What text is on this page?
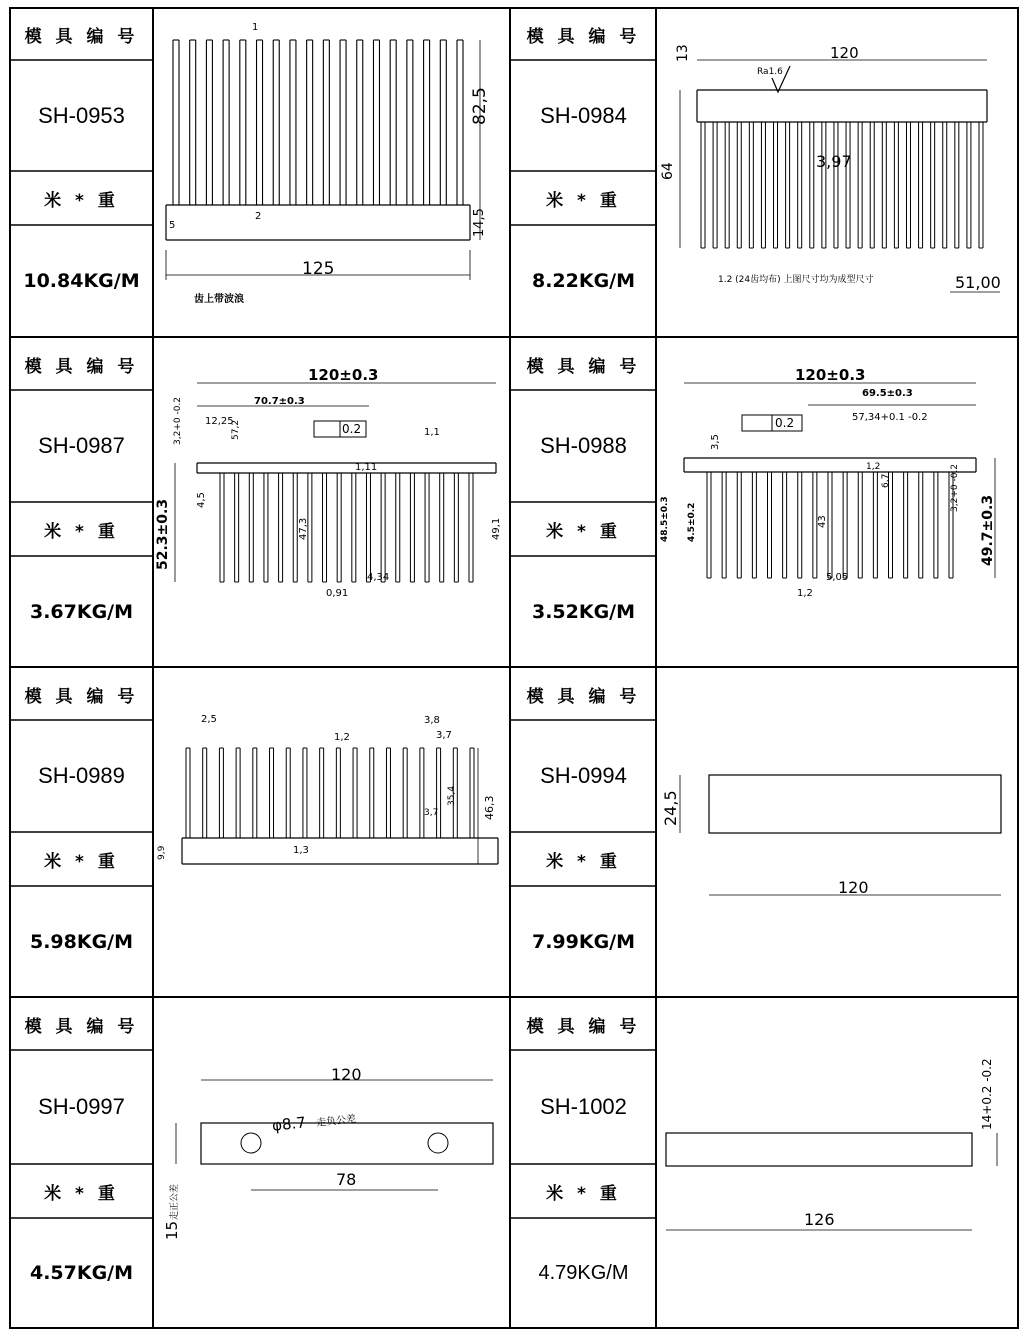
模 具 编 号
SH-0953
米 * 重
10.84KG/M
模 具 编 号
SH-0987
米 * 重
3.67KG/M
模 具 编 号
SH-0989
米 * 重
5.98KG/M
模 具 编 号
SH-0997
米 * 重
4.57KG/M
模 具 编 号
SH-0984
米 * 重
8.22KG/M
模 具 编 号
SH-0988
米 * 重
3.52KG/M
模 具 编 号
SH-0994
米 * 重
7.99KG/M
模 具 编 号
SH-1002
米 * 重
4.79KG/M
1
82,5
14,5
2
5
125
齿上带波浪
13	120
Ra1.6
3,97
64
1.2 (24齿均布) 上图尺寸均为成型尺寸	51,00
120±0.3
70.7±0.3
3,2+0 -0.2 12,25
57,2	0.2	1,1
1,11
4,5
47,3	49,1
52.3±0.3
4,34
0,91
120±0.3
69.5±0.3
57,34+0.1 -0.2
3,5
0.2
1,2
6,7	3,2+0 -0.2
49.7±0.3
48.5±0.3 4.5±0.2	43
5,05
1,2
2,5
1,2
3,8
3,7
35,4 46,3
3,7
9,9	1,3
24,5
120
120
φ8.7 走负公差
78
15
走正公差
14+0.2 -0.2
126
